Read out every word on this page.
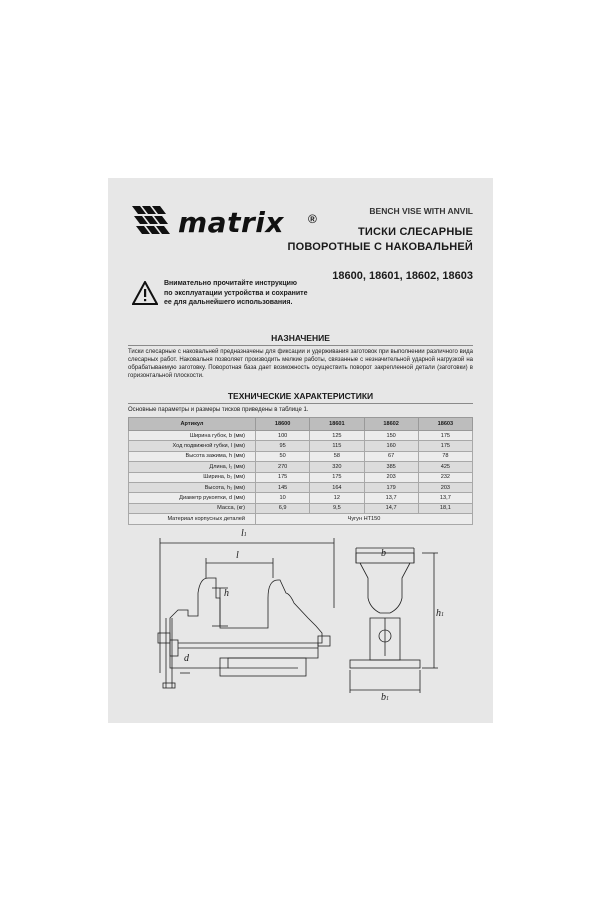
matrix ®
BENCH VISE WITH ANVIL
ТИСКИ СЛЕСАРНЫЕ
ПОВОРОТНЫЕ С НАКОВАЛЬНЕЙ
18600, 18601, 18602, 18603
Внимательно прочитайте инструкцию
по эксплуатации устройства и сохраните
ее для дальнейшего использования.
НАЗНАЧЕНИЕ
Тиски слесарные с наковальней предназначены для фиксации и удерживания заготовок при выполнении различного вида слесарных работ. Наковальня позволяет производить мелкие работы, связанные с незначительной ударной нагрузкой на обрабатываемую заготовку. Поворотная база дает возможность осуществить поворот закрепленной детали (заготовки) в горизонтальной плоскости.
ТЕХНИЧЕСКИЕ ХАРАКТЕРИСТИКИ
Основные параметры и размеры тисков приведены в таблице 1.
Артикул	18600	18601	18602	18603
Ширина губок, b (мм)	100	125	150	175
Ход подвижной губки, l (мм)	95	115	160	175
Высота зажима, h (мм)	50	58	67	78
Длина, l₁ (мм)	270	320	385	425
Ширина, b₁ (мм)	175	175	203	232
Высота, h₁ (мм)	145	164	179	203
Диаметр рукоятки, d (мм)	10	12	13,7	13,7
Масса, (кг)	6,9	9,5	14,7	18,1
Материал корпусных деталей	Чугун НТ150			
l1
l
h
d
b
h1
b1
